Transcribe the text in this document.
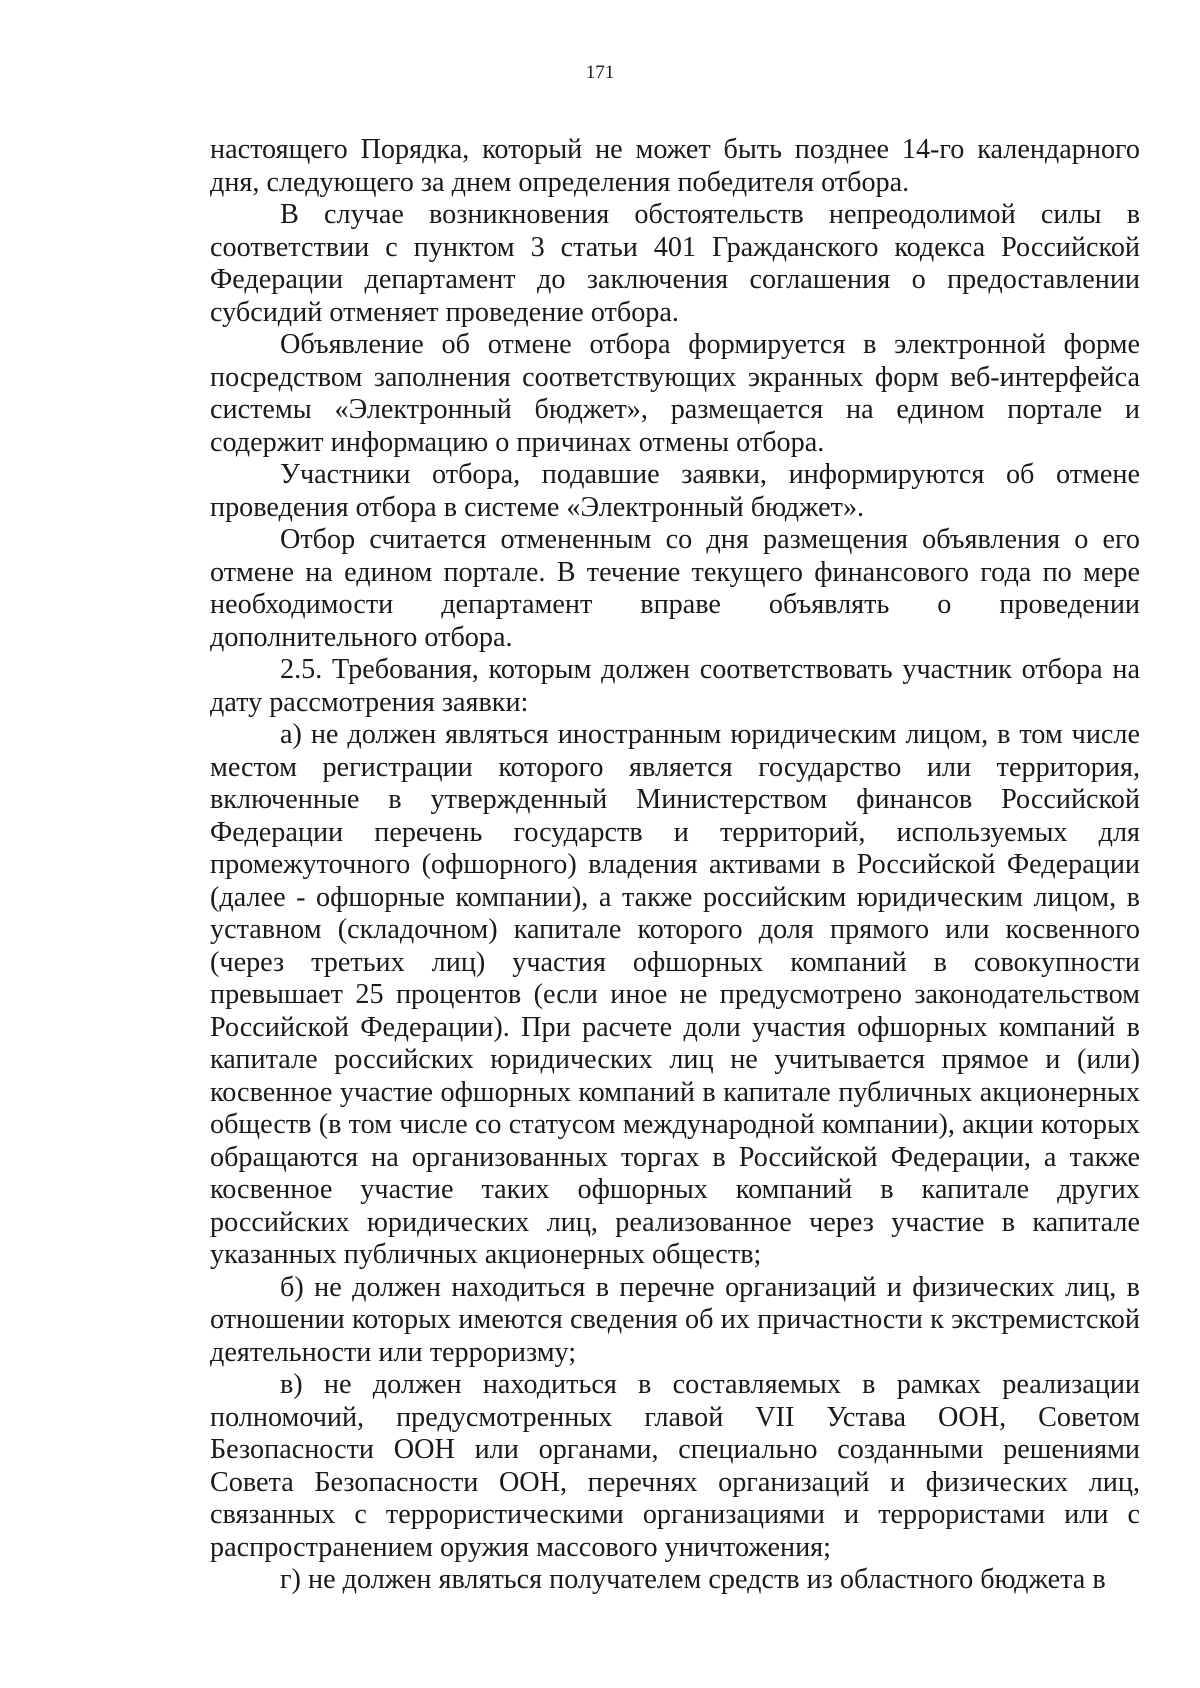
171

настоящего Порядка, который не может быть позднее 14-го календарного дня, следующего за днем определения победителя отбора.

В случае возникновения обстоятельств непреодолимой силы в соответствии с пунктом 3 статьи 401 Гражданского кодекса Российской Федерации департамент до заключения соглашения о предоставлении субсидий отменяет проведение отбора.

Объявление об отмене отбора формируется в электронной форме посредством заполнения соответствующих экранных форм веб-интерфейса системы «Электронный бюджет», размещается на едином портале и содержит информацию о причинах отмены отбора.

Участники отбора, подавшие заявки, информируются об отмене проведения отбора в системе «Электронный бюджет».

Отбор считается отмененным со дня размещения объявления о его отмене на едином портале. В течение текущего финансового года по мере необходимости департамент вправе объявлять о проведении дополнительного отбора.

2.5. Требования, которым должен соответствовать участник отбора на дату рассмотрения заявки:

а) не должен являться иностранным юридическим лицом, в том числе местом регистрации которого является государство или территория, включенные в утвержденный Министерством финансов Российской Федерации перечень государств и территорий, используемых для промежуточного (офшорного) владения активами в Российской Федерации (далее - офшорные компании), а также российским юридическим лицом, в уставном (складочном) капитале которого доля прямого или косвенного (через третьих лиц) участия офшорных компаний в совокупности превышает 25 процентов (если иное не предусмотрено законодательством Российской Федерации). При расчете доли участия офшорных компаний в капитале российских юридических лиц не учитывается прямое и (или) косвенное участие офшорных компаний в капитале публичных акционерных обществ (в том числе со статусом международной компании), акции которых обращаются на организованных торгах в Российской Федерации, а также косвенное участие таких офшорных компаний в капитале других российских юридических лиц, реализованное через участие в капитале указанных публичных акционерных обществ;

б) не должен находиться в перечне организаций и физических лиц, в отношении которых имеются сведения об их причастности к экстремистской деятельности или терроризму;

в) не должен находиться в составляемых в рамках реализации полномочий, предусмотренных главой VII Устава ООН, Советом Безопасности ООН или органами, специально созданными решениями Совета Безопасности ООН, перечнях организаций и физических лиц, связанных с террористическими организациями и террористами или с распространением оружия массового уничтожения;

г) не должен являться получателем средств из областного бюджета в
